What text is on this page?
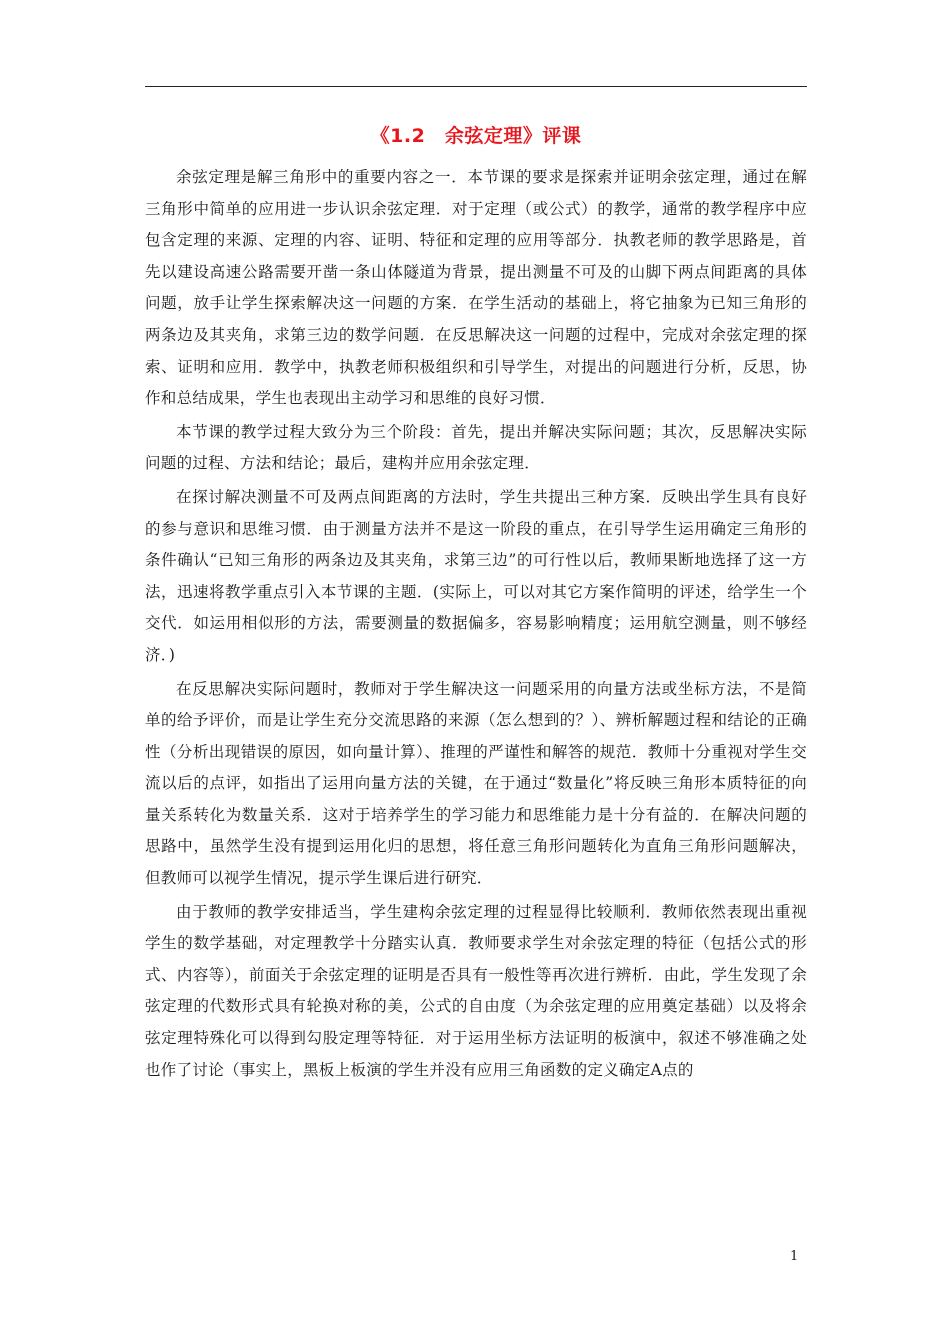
《1.2　余弦定理》评课

余弦定理是解三角形中的重要内容之一．本节课的要求是探索并证明余弦定理，通过在解三角形中简单的应用进一步认识余弦定理．对于定理（或公式）的教学，通常的教学程序中应包含定理的来源、定理的内容、证明、特征和定理的应用等部分．执教老师的教学思路是，首先以建设高速公路需要开凿一条山体隧道为背景，提出测量不可及的山脚下两点间距离的具体问题，放手让学生探索解决这一问题的方案．在学生活动的基础上，将它抽象为已知三角形的两条边及其夹角，求第三边的数学问题．在反思解决这一问题的过程中，完成对余弦定理的探索、证明和应用．教学中，执教老师积极组织和引导学生，对提出的问题进行分析，反思，协作和总结成果，学生也表现出主动学习和思维的良好习惯．

本节课的教学过程大致分为三个阶段：首先，提出并解决实际问题；其次，反思解决实际问题的过程、方法和结论；最后，建构并应用余弦定理．

在探讨解决测量不可及两点间距离的方法时，学生共提出三种方案．反映出学生具有良好的参与意识和思维习惯．由于测量方法并不是这一阶段的重点，在引导学生运用确定三角形的条件确认“已知三角形的两条边及其夹角，求第三边”的可行性以后，教师果断地选择了这一方法，迅速将教学重点引入本节课的主题．(实际上，可以对其它方案作简明的评述，给学生一个交代．如运用相似形的方法，需要测量的数据偏多，容易影响精度；运用航空测量，则不够经济．)

在反思解决实际问题时，教师对于学生解决这一问题采用的向量方法或坐标方法，不是简单的给予评价，而是让学生充分交流思路的来源（怎么想到的？）、辨析解题过程和结论的正确性（分析出现错误的原因，如向量计算）、推理的严谨性和解答的规范．教师十分重视对学生交流以后的点评，如指出了运用向量方法的关键，在于通过“数量化”将反映三角形本质特征的向量关系转化为数量关系．这对于培养学生的学习能力和思维能力是十分有益的．在解决问题的思路中，虽然学生没有提到运用化归的思想，将任意三角形问题转化为直角三角形问题解决，但教师可以视学生情况，提示学生课后进行研究．

由于教师的教学安排适当，学生建构余弦定理的过程显得比较顺利．教师依然表现出重视学生的数学基础，对定理教学十分踏实认真．教师要求学生对余弦定理的特征（包括公式的形式、内容等），前面关于余弦定理的证明是否具有一般性等再次进行辨析．由此，学生发现了余弦定理的代数形式具有轮换对称的美，公式的自由度（为余弦定理的应用奠定基础）以及将余弦定理特殊化可以得到勾股定理等特征．对于运用坐标方法证明的板演中，叙述不够准确之处也作了讨论（事实上，黑板上板演的学生并没有应用三角函数的定义确定A点的

1
